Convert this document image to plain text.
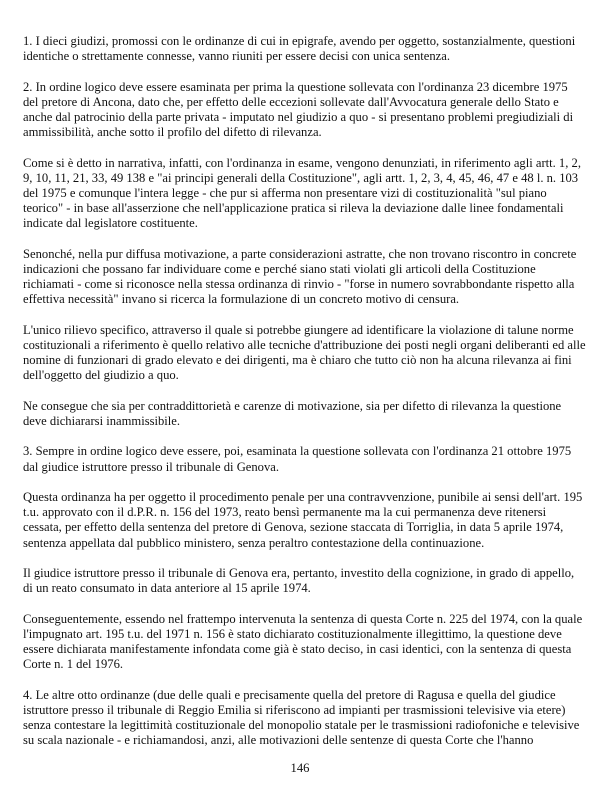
1. I dieci giudizi, promossi con le ordinanze di cui in epigrafe, avendo per oggetto, sostanzialmente, questioni identiche o strettamente connesse, vanno riuniti per essere decisi con unica sentenza.

2. In ordine logico deve essere esaminata per prima la questione sollevata con l'ordinanza 23 dicembre 1975 del pretore di Ancona, dato che, per effetto delle eccezioni sollevate dall'Avvocatura generale dello Stato e anche dal patrocinio della parte privata - imputato nel giudizio a quo - si presentano problemi pregiudiziali di ammissibilità, anche sotto il profilo del difetto di rilevanza.

Come si è detto in narrativa, infatti, con l'ordinanza in esame, vengono denunziati, in riferimento agli artt. 1, 2, 9, 10, 11, 21, 33, 49 138 e "ai principi generali della Costituzione", agli artt. 1, 2, 3, 4, 45, 46, 47 e 48 l. n. 103 del 1975 e comunque l'intera legge - che pur si afferma non presentare vizi di costituzionalità "sul piano teorico" - in base all'asserzione che nell'applicazione pratica si rileva la deviazione dalle linee fondamentali indicate dal legislatore costituente.

Senonché, nella pur diffusa motivazione, a parte considerazioni astratte, che non trovano riscontro in concrete indicazioni che possano far individuare come e perché siano stati violati gli articoli della Costituzione richiamati - come si riconosce nella stessa ordinanza di rinvio - "forse in numero sovrabbondante rispetto alla effettiva necessità" invano si ricerca la formulazione di un concreto motivo di censura.

L'unico rilievo specifico, attraverso il quale si potrebbe giungere ad identificare la violazione di talune norme costituzionali a riferimento è quello relativo alle tecniche d'attribuzione dei posti negli organi deliberanti ed alle nomine di funzionari di grado elevato e dei dirigenti, ma è chiaro che tutto ciò non ha alcuna rilevanza ai fini dell'oggetto del giudizio a quo.

Ne consegue che sia per contraddittorietà e carenze di motivazione, sia per difetto di rilevanza la questione deve dichiararsi inammissibile.

3. Sempre in ordine logico deve essere, poi, esaminata la questione sollevata con l'ordinanza 21 ottobre 1975 dal giudice istruttore presso il tribunale di Genova.

Questa ordinanza ha per oggetto il procedimento penale per una contravvenzione, punibile ai sensi dell'art. 195 t.u. approvato con il d.P.R. n. 156 del 1973, reato bensì permanente ma la cui permanenza deve ritenersi cessata, per effetto della sentenza del pretore di Genova, sezione staccata di Torriglia, in data 5 aprile 1974, sentenza appellata dal pubblico ministero, senza peraltro contestazione della continuazione.

Il giudice istruttore presso il tribunale di Genova era, pertanto, investito della cognizione, in grado di appello, di un reato consumato in data anteriore al 15 aprile 1974.

Conseguentemente, essendo nel frattempo intervenuta la sentenza di questa Corte n. 225 del 1974, con la quale l'impugnato art. 195 t.u. del 1971 n. 156 è stato dichiarato costituzionalmente illegittimo, la questione deve essere dichiarata manifestamente infondata come già è stato deciso, in casi identici, con la sentenza di questa Corte n. 1 del 1976.

4. Le altre otto ordinanze (due delle quali e precisamente quella del pretore di Ragusa e quella del giudice istruttore presso il tribunale di Reggio Emilia si riferiscono ad impianti per trasmissioni televisive via etere) senza contestare la legittimità costituzionale del monopolio statale per le trasmissioni radiofoniche e televisive su scala nazionale - e richiamandosi, anzi, alle motivazioni delle sentenze di questa Corte che l'hanno

146
